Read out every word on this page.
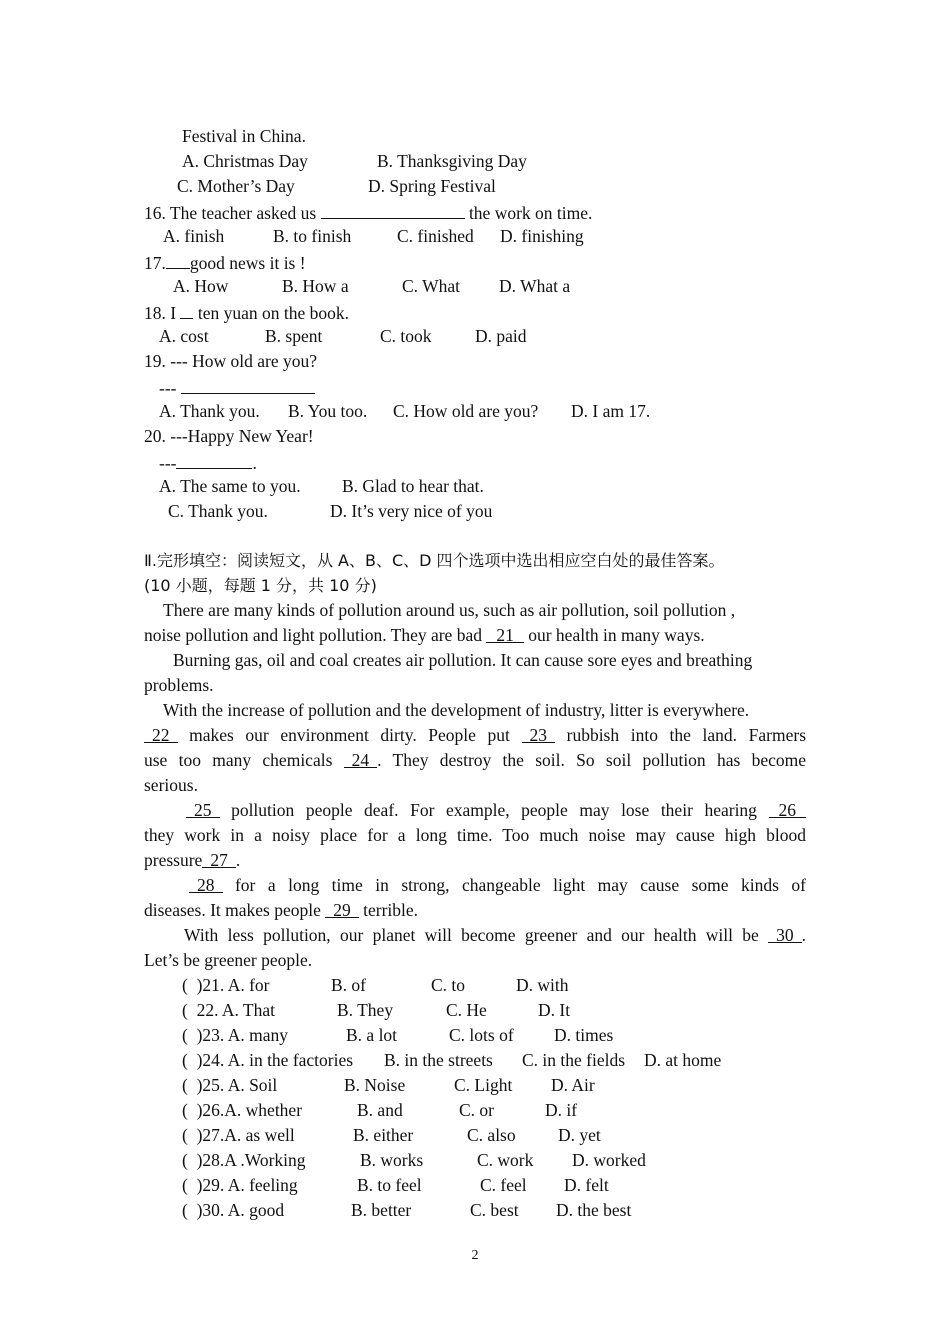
Festival in China.
A. Christmas Day	B. Thanksgiving Day
C. Mother’s Day	D. Spring Festival
16. The teacher asked us	the work on time.
A. finish	B. to finish	C. finished D. finishing
17. good news it is !
A. How	B. How a	C. What D. What a
18. I  ten yuan on the book.
A. cost	B. spent	C. took D. paid
19. --- How old are you?
---
A. Thank you. B. You too. C. How old are you? D. I am 17.
20. ---Happy New Year!
---	.
A. The same to you. B. Glad to hear that.
C. Thank you.	D. It’s very nice of you
Ⅱ.完形填空：阅读短文，从 A、B、C、D 四个选项中选出相应空白处的最佳答案。
(10 小题，每题 1 分，共 10 分)
There are many kinds of pollution around us, such as air pollution, soil pollution ,
noise pollution and light pollution. They are bad 21 our health in many ways.
Burning gas, oil and coal creates air pollution. It can cause sore eyes and breathing
problems.
With the increase of pollution and the development of industry, litter is everywhere.
22 makes our environment dirty. People put 23 rubbish into the land. Farmers
use too many chemicals 24 . They destroy the soil. So soil pollution has become
serious.
25 pollution people deaf. For example, people may lose their hearing 26
they work in a noisy place for a long time. Too much noise may cause high blood
pressure 27 .
28 for a long time in strong, changeable light may cause some kinds of
diseases. It makes people 29 terrible.
With less pollution, our planet will become greener and our health will be 30 .
Let’s be greener people.
(  )21. A. for	B. of	C. to	D. with
(  22. A. That	B. They	C. He	D. It
(  )23. A. many	B. a lot	C. lots of D. times
(  )24. A. in the factories B. in the streets C. in the fields D. at home
(  )25. A. Soil	B. Noise	C. Light D. Air
(  )26.A. whether	B. and	C. or	D. if
(  )27.A. as well	B. either	C. also D. yet
(  )28.A .Working	B. works	C. work D. worked
(  )29. A. feeling	B. to feel	C. feel D. felt
(  )30. A. good	B. better	C. best D. the best
2
